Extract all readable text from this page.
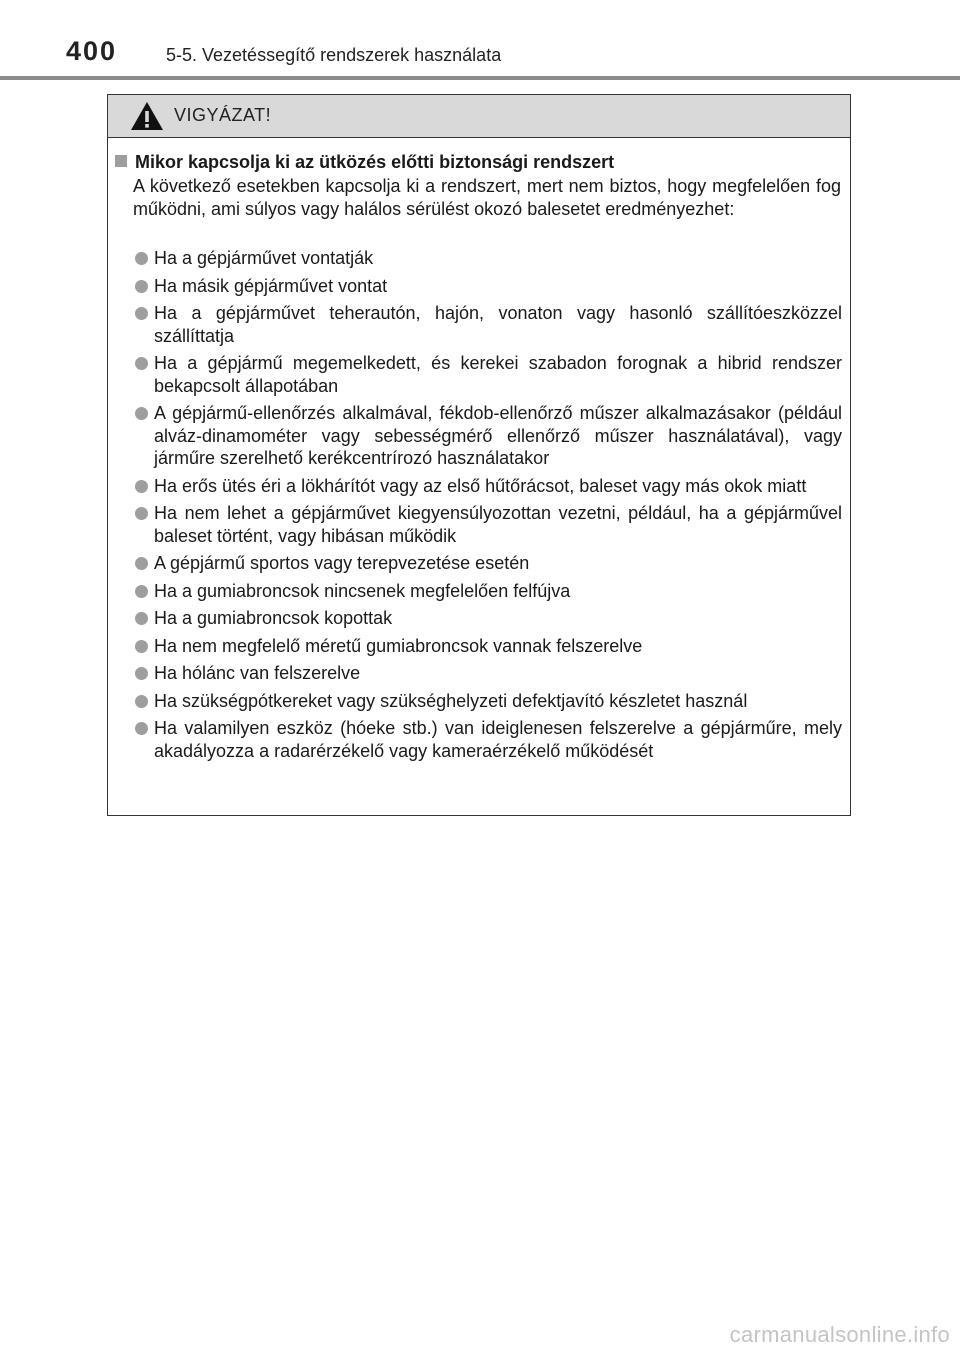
400	5-5. Vezetéssegítő rendszerek használata
VIGYÁZAT!
Mikor kapcsolja ki az ütközés előtti biztonsági rendszert

A következő esetekben kapcsolja ki a rendszert, mert nem biztos, hogy megfelelően fog működni, ami súlyos vagy halálos sérülést okozó balesetet eredményezhet:

Ha a gépjárművet vontatják
Ha másik gépjárművet vontat
Ha a gépjárművet teherautón, hajón, vonaton vagy hasonló szállítóeszközzel szállíttatja
Ha a gépjármű megemelkedett, és kerekei szabadon forognak a hibrid rendszer bekapcsolt állapotában
A gépjármű-ellenőrzés alkalmával, fékdob-ellenőrző műszer alkalmazásakor (például alváz-dinamométer vagy sebességmérő ellenőrző műszer használatával), vagy járműre szerelhető kerékcentrírozó használatakor
Ha erős ütés éri a lökhárítót vagy az első hűtőrácsot, baleset vagy más okok miatt
Ha nem lehet a gépjárművet kiegyensúlyozottan vezetni, például, ha a gépjárművel baleset történt, vagy hibásan működik
A gépjármű sportos vagy terepvezetése esetén
Ha a gumiabroncsok nincsenek megfelelően felfújva
Ha a gumiabroncsok kopottak
Ha nem megfelelő méretű gumiabroncsok vannak felszerelve
Ha hólánc van felszerelve
Ha szükségpótkereket vagy szükséghelyzeti defektjavító készletet használ
Ha valamilyen eszköz (hóeke stb.) van ideiglenesen felszerelve a gépjárműre, mely akadályozza a radarérzékelő vagy kameraérzékelő működését
carmanualsonline.info
